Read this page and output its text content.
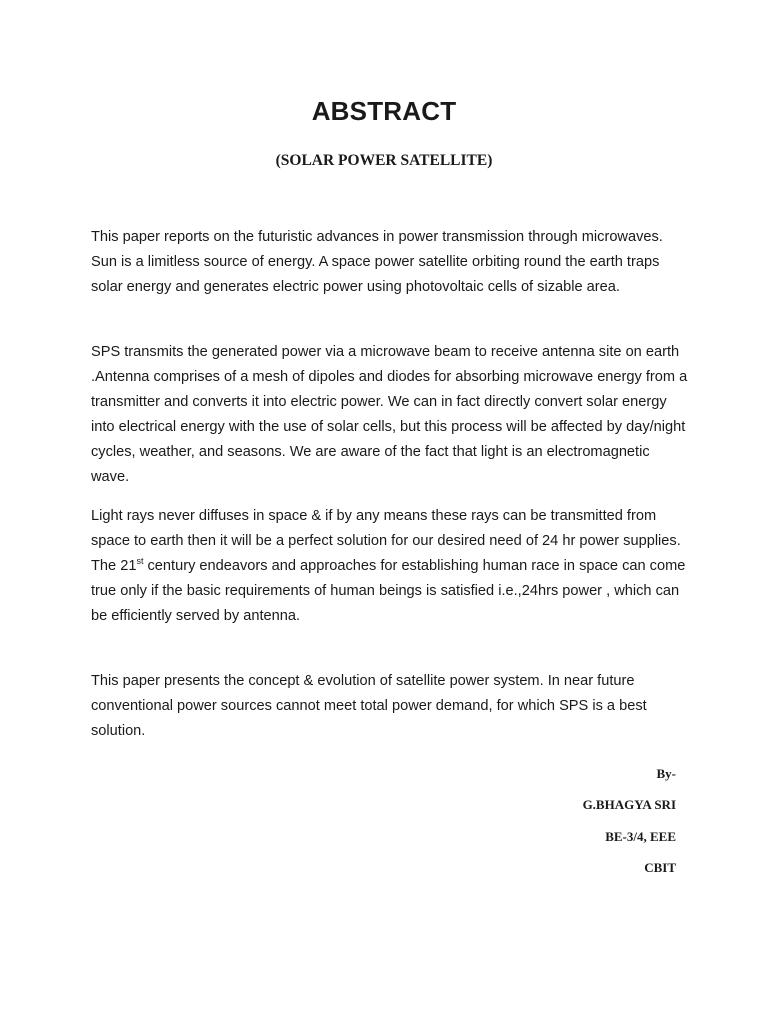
ABSTRACT
(SOLAR POWER SATELLITE)

This paper reports on the futuristic advances in power transmission through microwaves. Sun is a limitless source of energy. A space power satellite orbiting round the earth traps solar energy and generates electric power using photovoltaic cells of sizable area.

SPS transmits the generated power via a microwave beam to receive antenna site on earth .Antenna comprises of a mesh of dipoles and diodes for absorbing microwave energy from a transmitter and converts it into electric power. We can in fact directly convert solar energy into electrical energy with the use of solar cells, but this process will be affected by day/night cycles, weather, and seasons. We are aware of the fact that light is an electromagnetic wave.

Light rays never diffuses in space & if by any means these rays can be transmitted from space to earth then it will be a perfect solution for our desired need of 24 hr power supplies. The 21st century endeavors and approaches for establishing human race in space can come true only if the basic requirements of human beings is satisfied i.e.,24hrs power , which can be efficiently served by antenna.

This paper presents the concept & evolution of satellite power system. In near future conventional power sources cannot meet total power demand, for which SPS is a best solution.

By-

G.BHAGYA SRI

BE-3/4, EEE

CBIT
